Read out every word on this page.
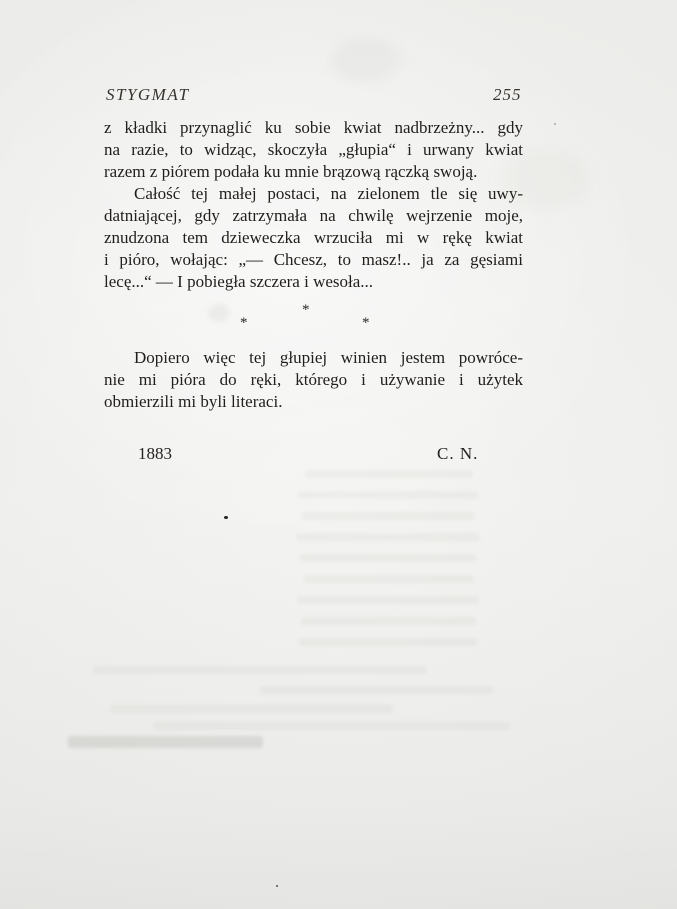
STYGMAT	255

z kładki przynaglić ku sobie kwiat nadbrzeżny... gdy
na razie, to widząc, skoczyła „głupia“ i urwany kwiat
razem z piórem podała ku mnie brązową rączką swoją.

Całość tej małej postaci, na zielonem tle się uwy-
datniającej, gdy zatrzymała na chwilę wejrzenie moje,
znudzona tem dzieweczka wrzuciła mi w rękę kwiat
i pióro, wołając: „— Chcesz, to masz!.. ja za gęsiami
lecę...“ — I pobiegła szczera i wesoła...

*
*	*

Dopiero więc tej głupiej winien jestem powróce-
nie mi pióra do ręki, którego i używanie i użytek
obmierzili mi byli literaci.

1883	C. N.
